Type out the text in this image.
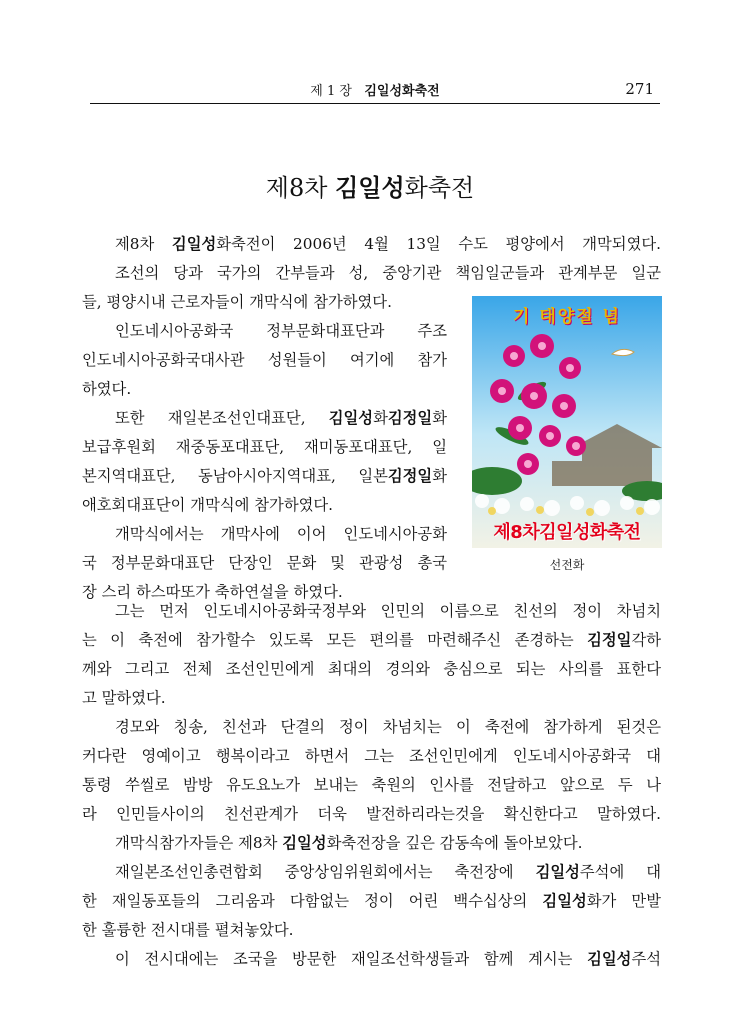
제 1 장 김일성화축전	271
제8차 김일성화축전
제8차 김일성화축전이 2006년 4월 13일 수도 평양에서 개막되였다.
조선의 당과 국가의 간부들과 성, 중앙기관 책임일군들과 관계부문 일군
들, 평양시내 근로자들이 개막식에 참가하였다.
인도네시아공화국 정부문화대표단과 주조
인도네시아공화국대사관 성원들이 여기에 참가
하였다.
또한 재일본조선인대표단, 김일성화김정일화
보급후원회 재중동포대표단, 재미동포대표단, 일
본지역대표단, 동남아시아지역대표, 일본김정일화
애호회대표단이 개막식에 참가하였다.
개막식에서는 개막사에 이어 인도네시아공화
국 정부문화대표단 단장인 문화 및 관광성 총국
장 스리 하스따또가 축하연설을 하였다.
그는 먼저 인도네시아공화국정부와 인민의 이름으로 친선의 정이 차넘치
는 이 축전에 참가할수 있도록 모든 편의를 마련해주신 존경하는 김정일각하
께와 그리고 전체 조선인민에게 최대의 경의와 충심으로 되는 사의를 표한다
고 말하였다.
경모와 칭송, 친선과 단결의 정이 차넘치는 이 축전에 참가하게 된것은
커다란 영예이고 행복이라고 하면서 그는 조선인민에게 인도네시아공화국 대
통령 쑤씰로 밤방 유도요노가 보내는 축원의 인사를 전달하고 앞으로 두 나
라 인민들사이의 친선관계가 더욱 발전하리라는것을 확신한다고 말하였다.
개막식참가자들은 제8차 김일성화축전장을 깊은 감동속에 돌아보았다.
재일본조선인총련합회 중앙상임위원회에서는 축전장에 김일성주석에 대
한 재일동포들의 그리움과 다함없는 정이 어린 백수십상의 김일성화가 만발
한 훌륭한 전시대를 펼쳐놓았다.
이 전시대에는 조국을 방문한 재일조선학생들과 함께 계시는 김일성주석
기 태양절 념
제8차김일성화축전
선전화
